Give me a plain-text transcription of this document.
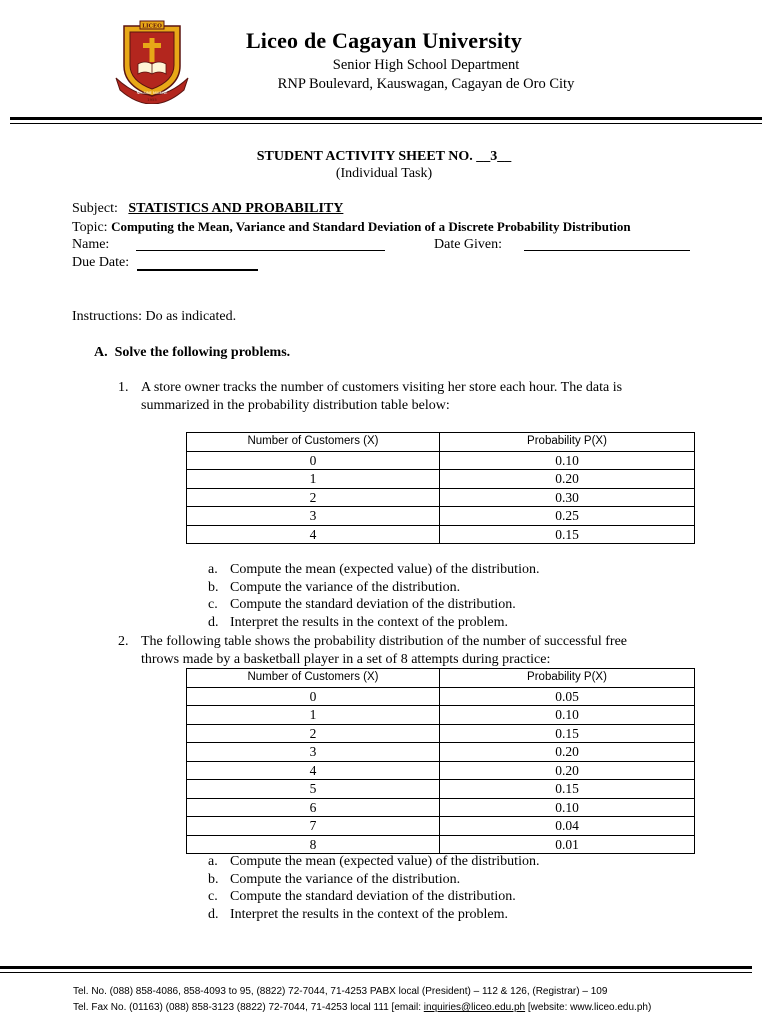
LICEO
NIL SINE NUMINE
1955
Liceo de Cagayan University
Senior High School Department
RNP Boulevard, Kauswagan, Cagayan de Oro City
STUDENT ACTIVITY SHEET NO. __3__
(Individual Task)
Subject: STATISTICS AND PROBABILITY
Topic: Computing the Mean, Variance and Standard Deviation of a Discrete Probability Distribution
Name:	Date Given:
Due Date:
Instructions: Do as indicated.
A. Solve the following problems.
1. A store owner tracks the number of customers visiting her store each hour. The data is
summarized in the probability distribution table below:
Number of Customers (X)	Probability P(X)
0	0.10
1	0.20
2	0.30
3	0.25
4	0.15
a. Compute the mean (expected value) of the distribution.
b. Compute the variance of the distribution.
c. Compute the standard deviation of the distribution.
d. Interpret the results in the context of the problem.
2. The following table shows the probability distribution of the number of successful free
throws made by a basketball player in a set of 8 attempts during practice:
Number of Customers (X)	Probability P(X)
0	0.05
1	0.10
2	0.15
3	0.20
4	0.20
5	0.15
6	0.10
7	0.04
8	0.01
a. Compute the mean (expected value) of the distribution.
b. Compute the variance of the distribution.
c. Compute the standard deviation of the distribution.
d. Interpret the results in the context of the problem.
Tel. No. (088) 858-4086, 858-4093 to 95, (8822) 72-7044, 71-4253 PABX local (President) – 112 & 126, (Registrar) – 109
Tel. Fax No. (01163) (088) 858-3123 (8822) 72-7044, 71-4253 local 111 [email: inquiries@liceo.edu.ph [website: www.liceo.edu.ph)
